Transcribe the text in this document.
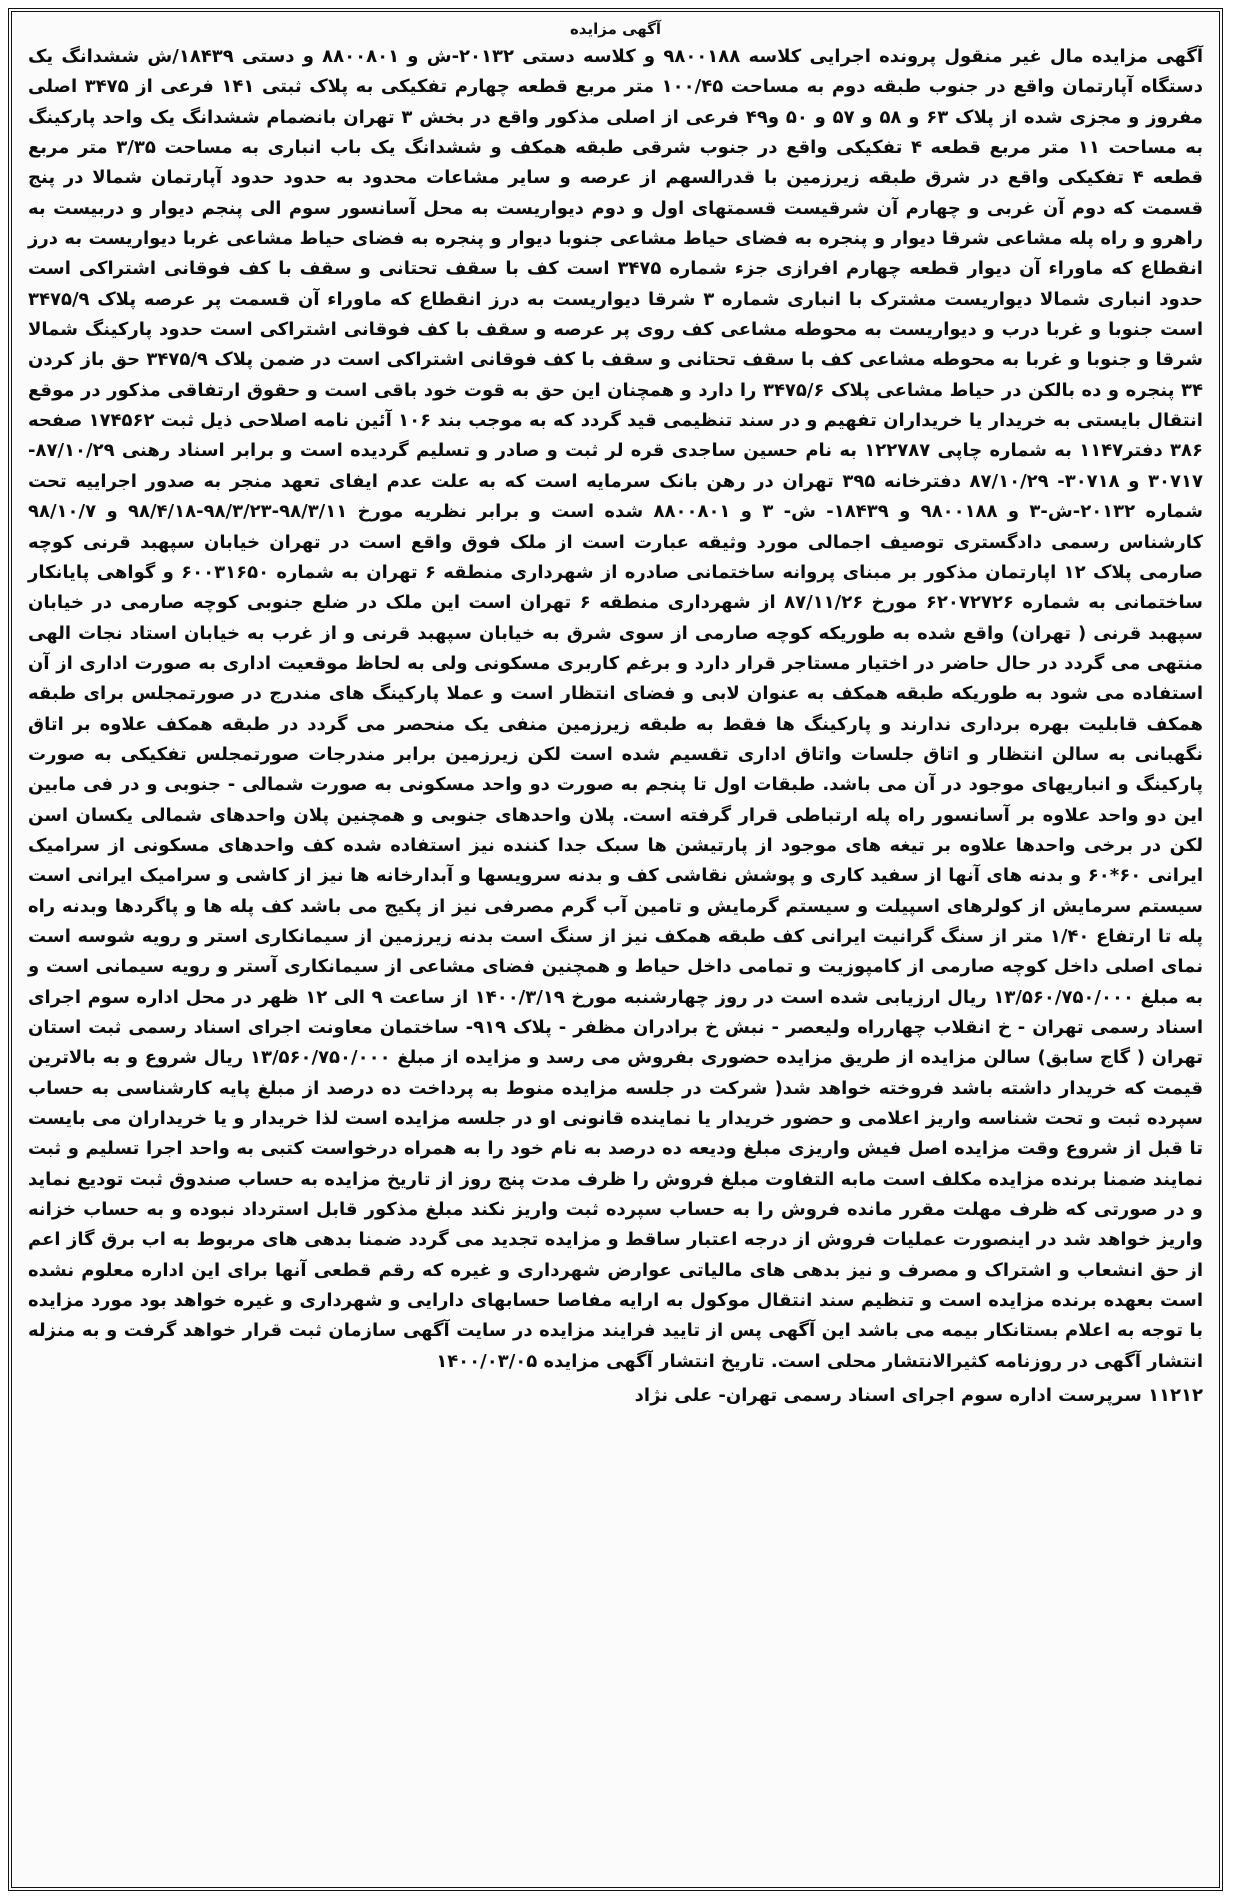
آگهی مزایده

آگهی مزایده مال غیر منقول پرونده اجرایی کلاسه ۹۸۰۰۱۸۸ و کلاسه دستی ۲۰۱۳۲-ش و ۸۸۰۰۸۰۱ و دستی ۱۸۴۳۹/ش ششدانگ یک دستگاه آپارتمان واقع در جنوب طبقه دوم به مساحت ۱۰۰/۴۵ متر مربع قطعه چهارم تفکیکی به پلاک ثبتی ۱۴۱ فرعی از ۳۴۷۵ اصلی مفروز و مجزی شده از پلاک ۶۳ و ۵۸ و ۵۷ و ۵۰ و۴۹ فرعی از اصلی مذکور واقع در بخش ۳ تهران بانضمام ششدانگ یک واحد پارکینگ به مساحت ۱۱ متر مربع قطعه ۴ تفکیکی واقع در جنوب شرقی طبقه همکف و ششدانگ یک باب انباری به مساحت ۳/۳۵ متر مربع قطعه ۴ تفکیکی واقع در شرق طبقه زیرزمین با قدرالسهم از عرصه و سایر مشاعات محدود به حدود حدود آپارتمان شمالا در پنج قسمت که دوم آن غربی و چهارم آن شرقیست قسمتهای اول و دوم دیواریست به محل آسانسور سوم الی پنجم دیوار و دربیست به راهرو و راه پله مشاعی شرقا دیوار و پنجره به فضای حیاط مشاعی جنوبا دیوار و پنجره به فضای حیاط مشاعی غربا دیواریست به درز انقطاع که ماوراء آن دیوار قطعه چهارم افرازی جزء شماره ۳۴۷۵ است کف با سقف تحتانی و سقف با کف فوقانی اشتراکی است حدود انباری شمالا دیواریست مشترک با انباری شماره ۳ شرقا دیواریست به درز انقطاع که ماوراء آن قسمت پر عرصه پلاک ۳۴۷۵/۹ است جنوبا و غربا درب و دیواریست به محوطه مشاعی کف روی پر عرصه و سقف با کف فوقانی اشتراکی است حدود پارکینگ شمالا شرقا و جنوبا و غربا به محوطه مشاعی کف با سقف تحتانی و سقف با کف فوقانی اشتراکی است در ضمن پلاک ۳۴۷۵/۹ حق باز کردن ۳۴ پنجره و ده بالکن در حیاط مشاعی پلاک ۳۴۷۵/۶ را دارد و همچنان این حق به قوت خود باقی است و حقوق ارتفاقی مذکور در موقع انتقال بایستی به خریدار یا خریداران تفهیم و در سند تنظیمی قید گردد که به موجب بند ۱۰۶ آئین نامه اصلاحی ذیل ثبت ۱۷۴۵۶۲ صفحه ۳۸۶ دفتر۱۱۴۷ به شماره چاپی ۱۲۲۷۸۷ به نام حسین ساجدی قره لر ثبت و صادر و تسلیم گردیده است و برابر اسناد رهنی ۸۷/۱۰/۲۹- ۳۰۷۱۷ و ۳۰۷۱۸- ۸۷/۱۰/۲۹ دفترخانه ۳۹۵ تهران در رهن بانک سرمایه است که به علت عدم ایفای تعهد منجر به صدور اجراییه تحت شماره ۲۰۱۳۲-ش-۳ و ۹۸۰۰۱۸۸ و ۱۸۴۳۹- ش- ۳ و ۸۸۰۰۸۰۱ شده است و برابر نظریه مورخ ۹۸/۳/۱۱-۹۸/۳/۲۳-۹۸/۴/۱۸ و ۹۸/۱۰/۷ کارشناس رسمی دادگستری توصیف اجمالی مورد وثیقه عبارت است از ملک فوق واقع است در تهران خیابان سپهبد قرنی کوچه صارمی پلاک ۱۲ اپارتمان مذکور بر مبنای پروانه ساختمانی صادره از شهرداری منطقه ۶ تهران به شماره ۶۰۰۳۱۶۵۰ و گواهی پایانکار ساختمانی به شماره ۶۲۰۷۲۷۲۶ مورخ ۸۷/۱۱/۲۶ از شهرداری منطقه ۶ تهران است این ملک در ضلع جنوبی کوچه صارمی در خیابان سپهبد قرنی ( تهران) واقع شده به طوریکه کوچه صارمی از سوی شرق به خیابان سپهبد قرنی و از غرب به خیابان استاد نجات الهی منتهی می گردد در حال حاضر در اختیار مستاجر قرار دارد و برغم کاربری مسکونی ولی به لحاظ موقعیت اداری به صورت اداری از آن استفاده می شود به طوریکه طبقه همکف به عنوان لابی و فضای انتظار است و عملا پارکینگ های مندرج در صورتمجلس برای طبقه همکف قابلیت بهره برداری ندارند و پارکینگ ها فقط به طبقه زیرزمین منفی یک منحصر می گردد در طبقه همکف علاوه بر اتاق نگهبانی به سالن انتظار و اتاق جلسات واتاق اداری تقسیم شده است لکن زیرزمین برابر مندرجات صورتمجلس تفکیکی به صورت پارکینگ و انباریهای موجود در آن می باشد. طبقات اول تا پنجم به صورت دو واحد مسکونی به صورت شمالی - جنوبی و در فی مابین این دو واحد علاوه بر آسانسور راه پله ارتباطی قرار گرفته است. پلان واحدهای جنوبی و همچنین پلان واحدهای شمالی یکسان اسن لکن در برخی واحدها علاوه بر تیغه های موجود از پارتیشن ها سبک جدا کننده نیز استفاده شده کف واحدهای مسکونی از سرامیک ایرانی ۶۰*۶۰ و بدنه های آنها از سفید کاری و پوشش نقاشی کف و بدنه سرویسها و آبدارخانه ها نیز از کاشی و سرامیک ایرانی است سیستم سرمایش از کولرهای اسپیلت و سیستم گرمایش و تامین آب گرم مصرفی نیز از پکیج می باشد کف پله ها و پاگردها وبدنه راه پله تا ارتفاع ۱/۴۰ متر از سنگ گرانیت ایرانی کف طبقه همکف نیز از سنگ است بدنه زیرزمین از سیمانکاری استر و رویه شوسه است نمای اصلی داخل کوچه صارمی از کامپوزیت و تمامی داخل حیاط و همچنین فضای مشاعی از سیمانکاری آستر و رویه سیمانی است و به مبلغ ۱۳/۵۶۰/۷۵۰/۰۰۰ ریال ارزیابی شده است در روز چهارشنبه مورخ ۱۴۰۰/۳/۱۹ از ساعت ۹ الی ۱۲ ظهر در محل اداره سوم اجرای اسناد رسمی تهران - خ انقلاب چهارراه ولیعصر - نبش خ برادران مظفر - پلاک ۹۱۹- ساختمان معاونت اجرای اسناد رسمی ثبت استان تهران ( گاج سابق) سالن مزایده از طریق مزایده حضوری بفروش می رسد و مزایده از مبلغ ۱۳/۵۶۰/۷۵۰/۰۰۰ ریال شروع و به بالاترین قیمت که خریدار داشته باشد فروخته خواهد شد( شرکت در جلسه مزایده منوط به پرداخت ده درصد از مبلغ پایه کارشناسی به حساب سپرده ثبت و تحت شناسه واریز اعلامی و حضور خریدار یا نماینده قانونی او در جلسه مزایده است لذا خریدار و یا خریداران می بایست تا قبل از شروع وقت مزایده اصل فیش واریزی مبلغ ودیعه ده درصد به نام خود را به همراه درخواست کتبی به واحد اجرا تسلیم و ثبت نمایند ضمنا برنده مزایده مکلف است مابه التفاوت مبلغ فروش را ظرف مدت پنج روز از تاریخ مزایده به حساب صندوق ثبت تودیع نماید و در صورتی که ظرف مهلت مقرر مانده فروش را به حساب سپرده ثبت واریز نکند مبلغ مذکور قابل استرداد نبوده و به حساب خزانه واریز خواهد شد در اینصورت عملیات فروش از درجه اعتبار ساقط و مزایده تجدید می گردد ضمنا بدهی های مربوط به اب برق گاز اعم از حق انشعاب و اشتراک و مصرف و نیز بدهی های مالیاتی عوارض شهرداری و غیره که رقم قطعی آنها برای این اداره معلوم نشده است بعهده برنده مزایده است و تنظیم سند انتقال موکول به ارایه مفاصا حسابهای دارایی و شهرداری و غیره خواهد بود مورد مزایده با توجه به اعلام بستانکار بیمه می باشد این آگهی پس از تایید فرایند مزایده در سایت آگهی سازمان ثبت قرار خواهد گرفت و به منزله انتشار آگهی در روزنامه کثیرالانتشار محلی است. تاریخ انتشار آگهی مزایده ۱۴۰۰/۰۳/۰۵

۱۱۲۱۲ سرپرست اداره سوم اجرای اسناد رسمی تهران- علی نژاد
